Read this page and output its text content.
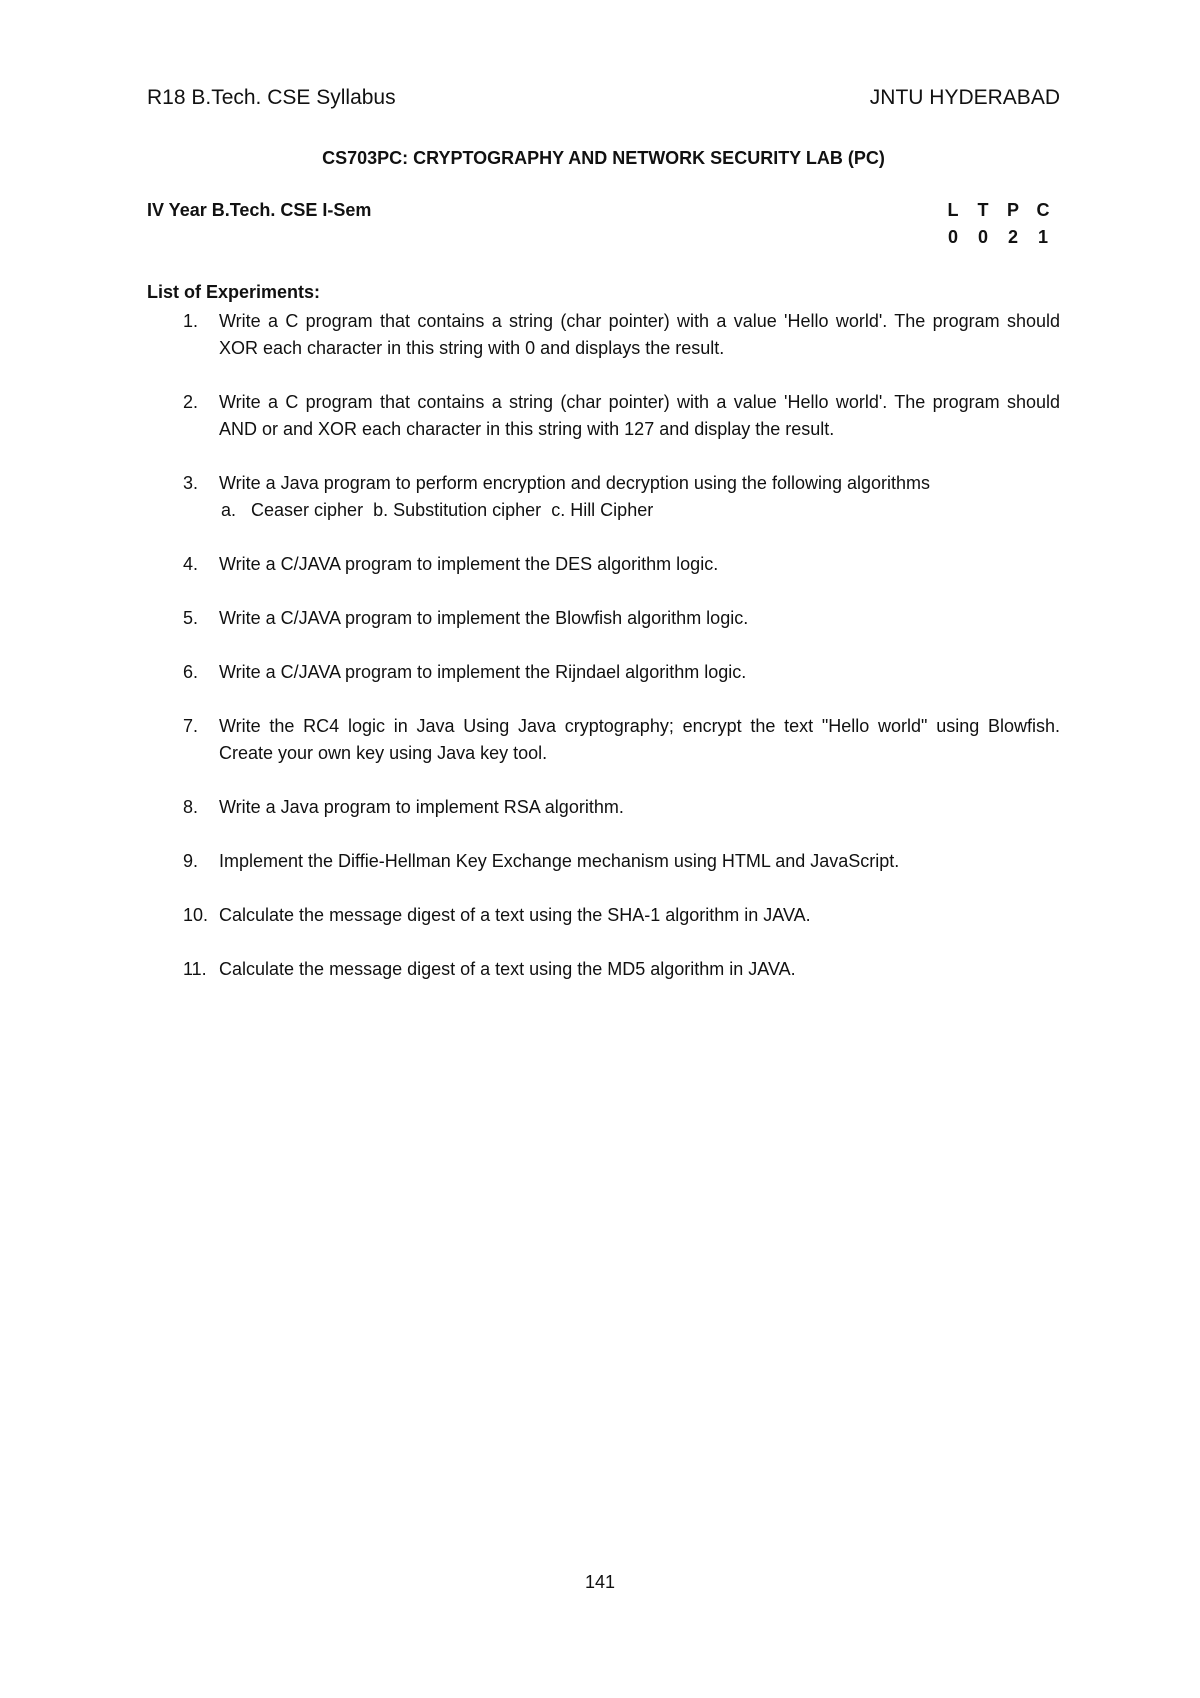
R18 B.Tech. CSE Syllabus	JNTU HYDERABAD
CS703PC: CRYPTOGRAPHY AND NETWORK SECURITY LAB (PC)
IV Year B.Tech. CSE I-Sem	L	T	P C
0	0	2	1
List of Experiments:
1.	Write a C program that contains a string (char pointer) with a value 'Hello world'. The program should XOR each character in this string with 0 and displays the result.
2.	Write a C program that contains a string (char pointer) with a value 'Hello world'. The program should AND or and XOR each character in this string with 127 and display the result.
3.	Write a Java program to perform encryption and decryption using the following algorithms
a.   Ceaser cipher b. Substitution cipher c. Hill Cipher
4.	Write a C/JAVA program to implement the DES algorithm logic.
5.	Write a C/JAVA program to implement the Blowfish algorithm logic.
6.	Write a C/JAVA program to implement the Rijndael algorithm logic.
7.	Write the RC4 logic in Java Using Java cryptography; encrypt the text "Hello world" using Blowfish. Create your own key using Java key tool.
8.	Write a Java program to implement RSA algorithm.
9.	Implement the Diffie-Hellman Key Exchange mechanism using HTML and JavaScript.
10. Calculate the message digest of a text using the SHA-1 algorithm in JAVA.
11. Calculate the message digest of a text using the MD5 algorithm in JAVA.
141
